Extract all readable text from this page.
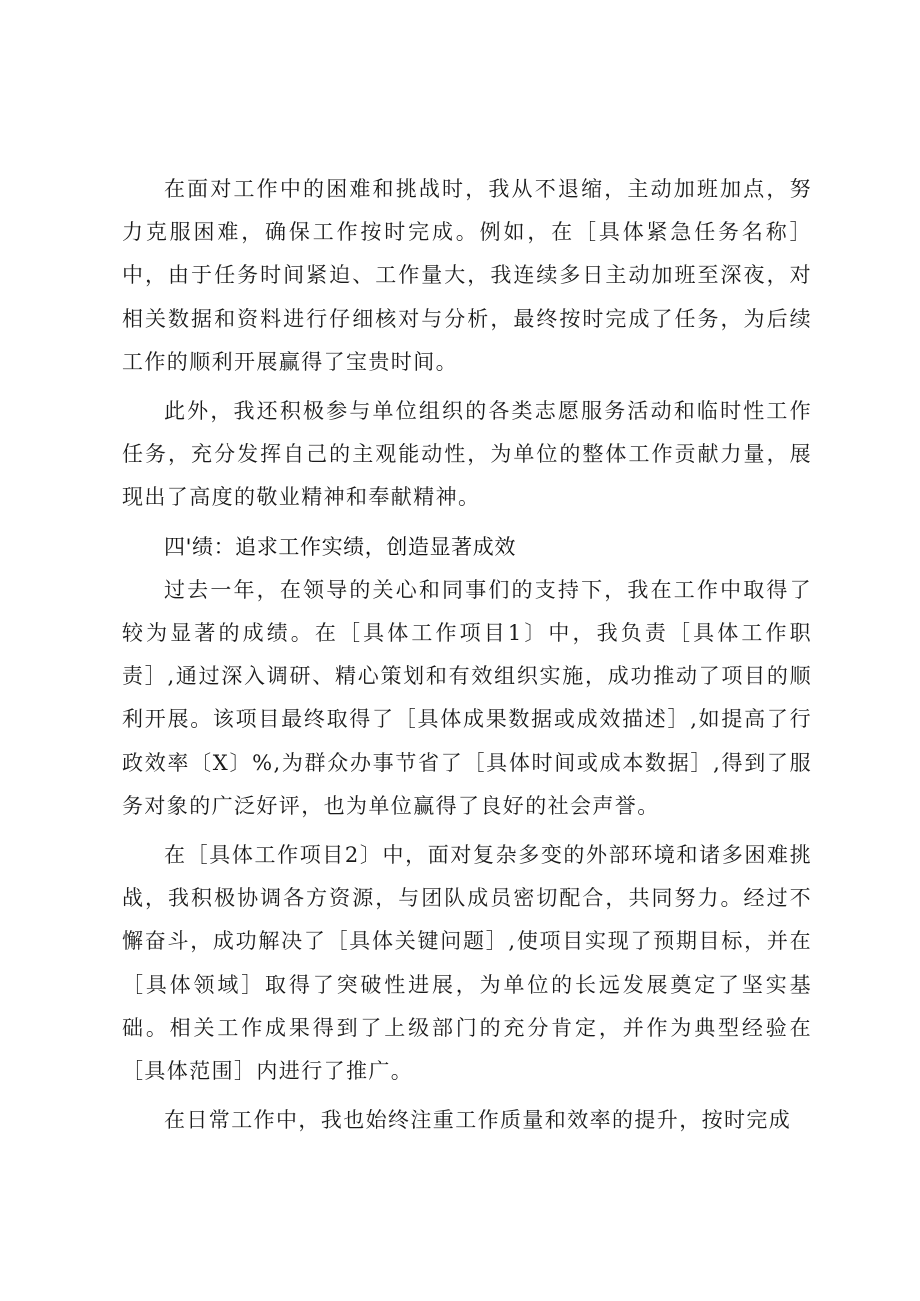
在面对工作中的困难和挑战时，我从不退缩，主动加班加点，努力克服困难，确保工作按时完成。例如，在［具体紧急任务名称］中，由于任务时间紧迫、工作量大，我连续多日主动加班至深夜，对相关数据和资料进行仔细核对与分析，最终按时完成了任务，为后续工作的顺利开展赢得了宝贵时间。

此外，我还积极参与单位组织的各类志愿服务活动和临时性工作任务，充分发挥自己的主观能动性，为单位的整体工作贡献力量，展现出了高度的敬业精神和奉献精神。

四'绩：追求工作实绩，创造显著成效

过去一年，在领导的关心和同事们的支持下，我在工作中取得了较为显著的成绩。在［具体工作项目1〕中，我负责［具体工作职责］,通过深入调研、精心策划和有效组织实施，成功推动了项目的顺利开展。该项目最终取得了［具体成果数据或成效描述］,如提高了行政效率〔X〕%,为群众办事节省了［具体时间或成本数据］,得到了服务对象的广泛好评，也为单位赢得了良好的社会声誉。

在［具体工作项目2〕中，面对复杂多变的外部环境和诸多困难挑战，我积极协调各方资源，与团队成员密切配合，共同努力。经过不懈奋斗，成功解决了［具体关键问题］,使项目实现了预期目标，并在［具体领域］取得了突破性进展，为单位的长远发展奠定了坚实基础。相关工作成果得到了上级部门的充分肯定，并作为典型经验在［具体范围］内进行了推广。

在日常工作中，我也始终注重工作质量和效率的提升，按时完成
